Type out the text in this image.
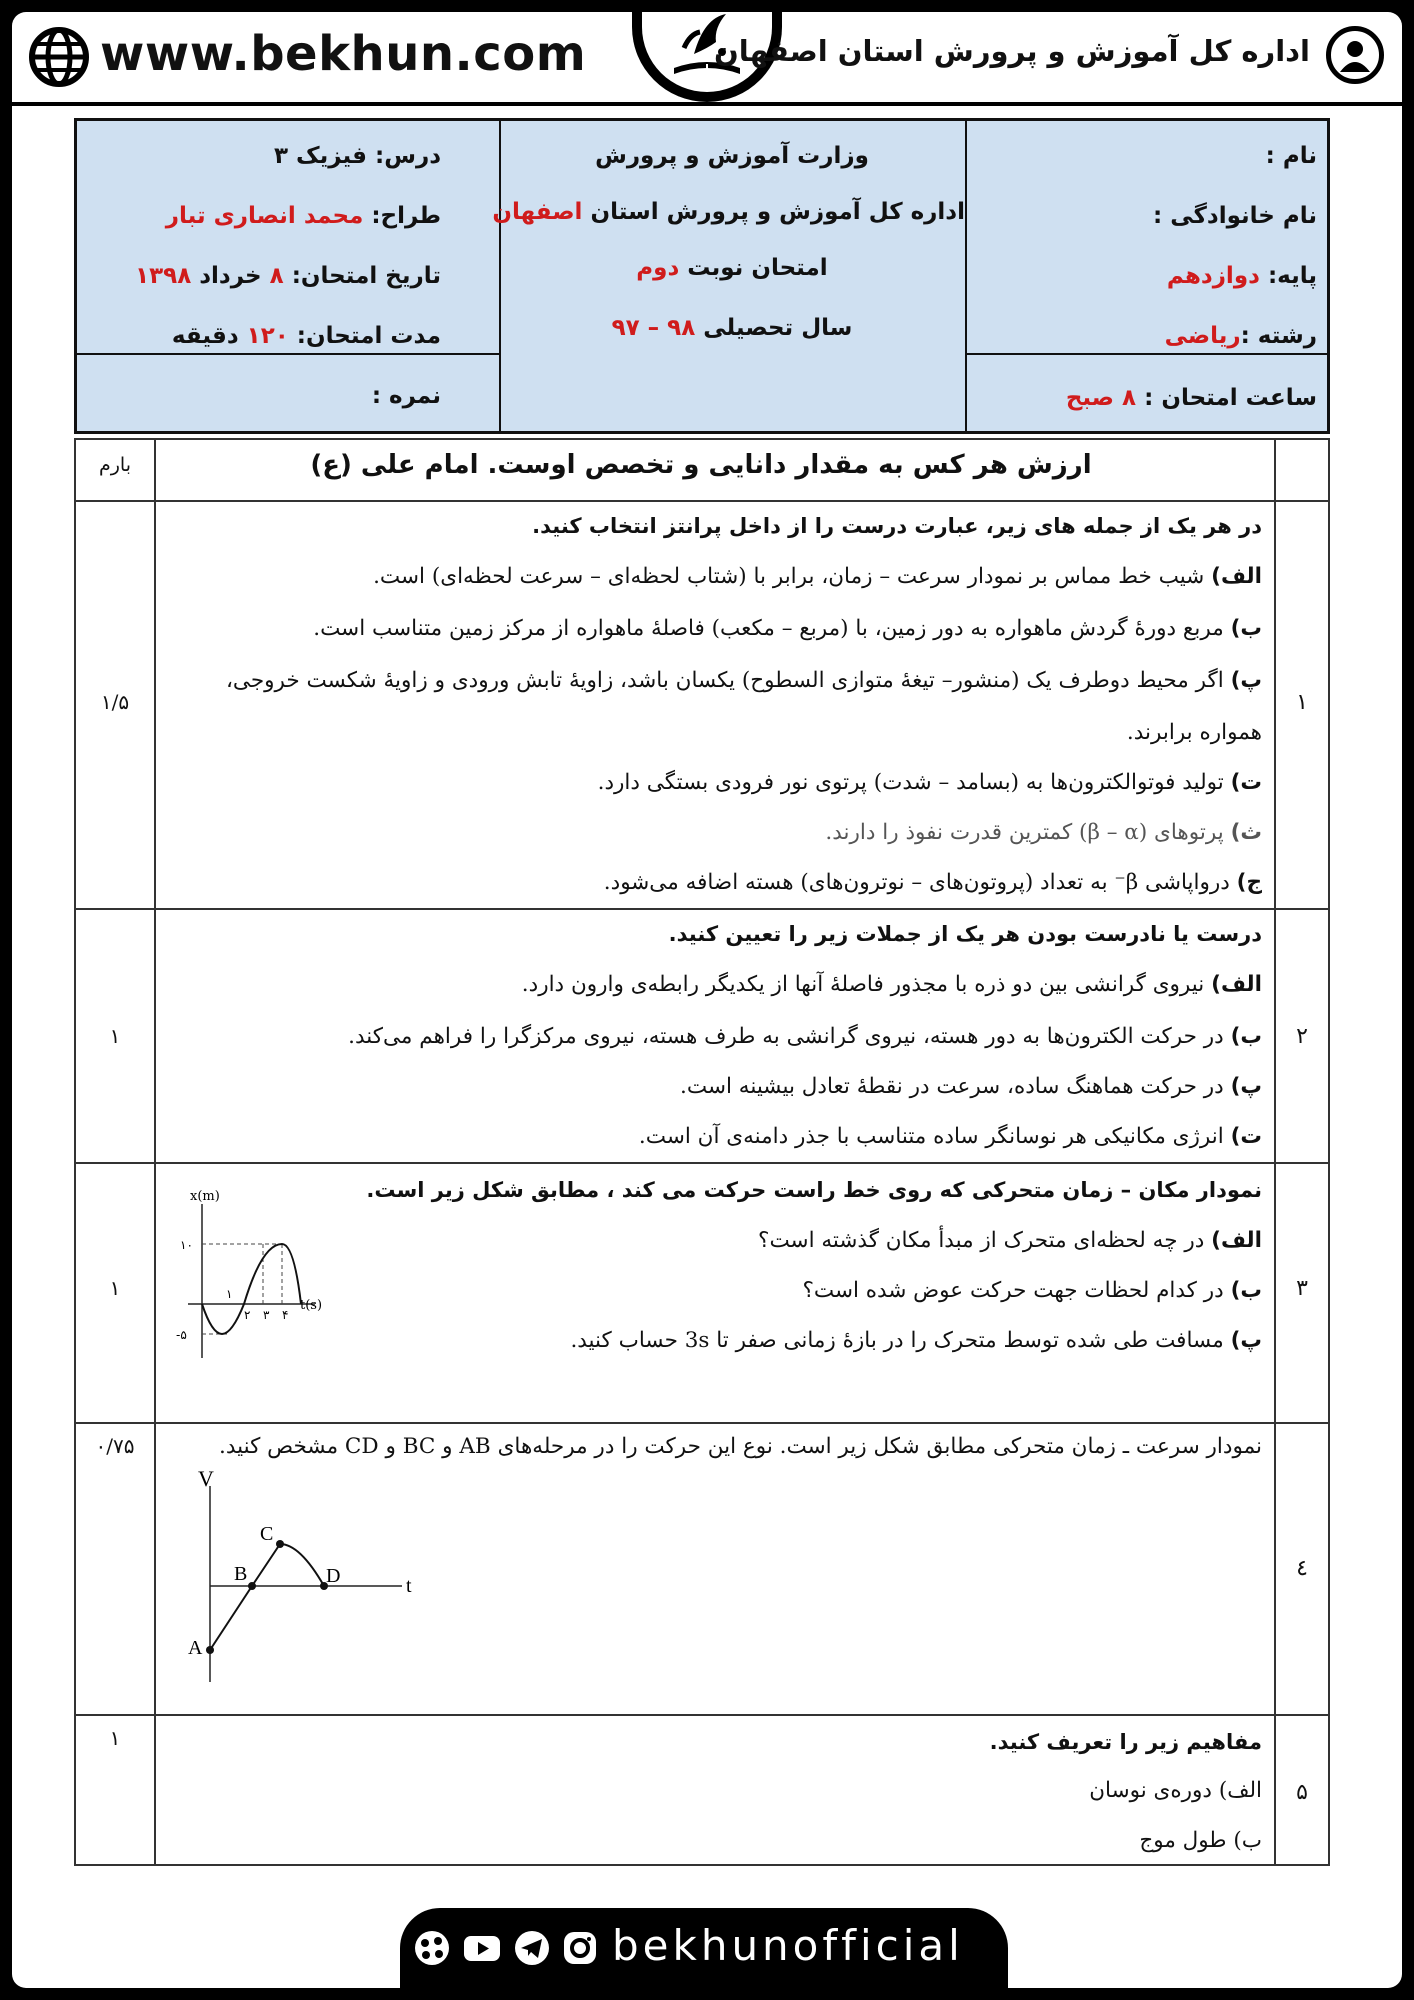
www.bekhun.com	اداره کل آموزش و پرورش استان اصفهان
نام :
نام خانوادگی :
پایه: دوازدهم
رشته :ریاضی
ساعت امتحان : ۸ صبح
وزارت آموزش و پرورش
اداره کل آموزش و پرورش استان اصفهان
امتحان نوبت دوم
سال تحصیلی ۹۸ – ۹۷
درس: فیزیک ۳
طراح: محمد انصاری تبار
تاریخ امتحان: ۸ خرداد ۱۳۹۸
مدت امتحان: ۱۲۰ دقیقه
نمره :
بارم	ارزش هر کس به مقدار دانایی و تخصص اوست. امام علی (ع)
۱
۱/۵
در هر یک از جمله های زیر، عبارت درست را از داخل پرانتز انتخاب کنید.
الف) شیب خط مماس بر نمودار سرعت – زمان، برابر با (شتاب لحظه‌ای – سرعت لحظه‌ای) است.
ب) مربع دورۀ گردش ماهواره به دور زمین، با (مربع – مکعب) فاصلۀ ماهواره از مرکز زمین متناسب است.
پ) اگر محیط دوطرف یک (منشور– تیغۀ متوازی السطوح) یکسان باشد، زاویۀ تابش ورودی و زاویۀ شکست خروجی،
همواره برابرند.
ت) تولید فوتوالکترون‌ها به (بسامد – شدت) پرتوی نور فرودی بستگی دارد.
ث) پرتوهای (β – α) کمترین قدرت نفوذ را دارند.
ج) درواپاشی β⁻ به تعداد (پروتون‌های – نوترون‌های) هسته اضافه می‌شود.
۲
۱
درست یا نادرست بودن هر یک از جملات زیر را تعیین کنید.
الف) نیروی گرانشی بین دو ذره با مجذور فاصلۀ آنها از یکدیگر رابطه‌ی وارون دارد.
ب) در حرکت الکترون‌ها به دور هسته، نیروی گرانشی به طرف هسته، نیروی مرکزگرا را فراهم می‌کند.
پ) در حرکت هماهنگ ساده، سرعت در نقطۀ تعادل بیشینه است.
ت) انرژی مکانیکی هر نوسانگر ساده متناسب با جذر دامنه‌ی آن است.
۳
۱
نمودار مکان – زمان متحرکی که روی خط راست حرکت می کند ، مطابق شکل زیر است.
الف) در چه لحظه‌ای متحرک از مبدأ مکان گذشته است؟
ب) در کدام لحظات جهت حرکت عوض شده است؟
پ) مسافت طی شده توسط متحرک را در بازۀ زمانی صفر تا 3s حساب کنید.
x(m)
t(s)
۱۰
-۵
۱
۲ ۳ ۴
٤
۰/۷۵	نمودار سرعت ـ زمان متحرکی مطابق شکل زیر است. نوع این حرکت را در مرحله‌های AB و BC و CD مشخص کنید.
V
t
A
B
C
D
۵
۱	مفاهیم زیر را تعریف کنید.
الف) دوره‌ی نوسان
ب) طول موج
bekhunofficial
